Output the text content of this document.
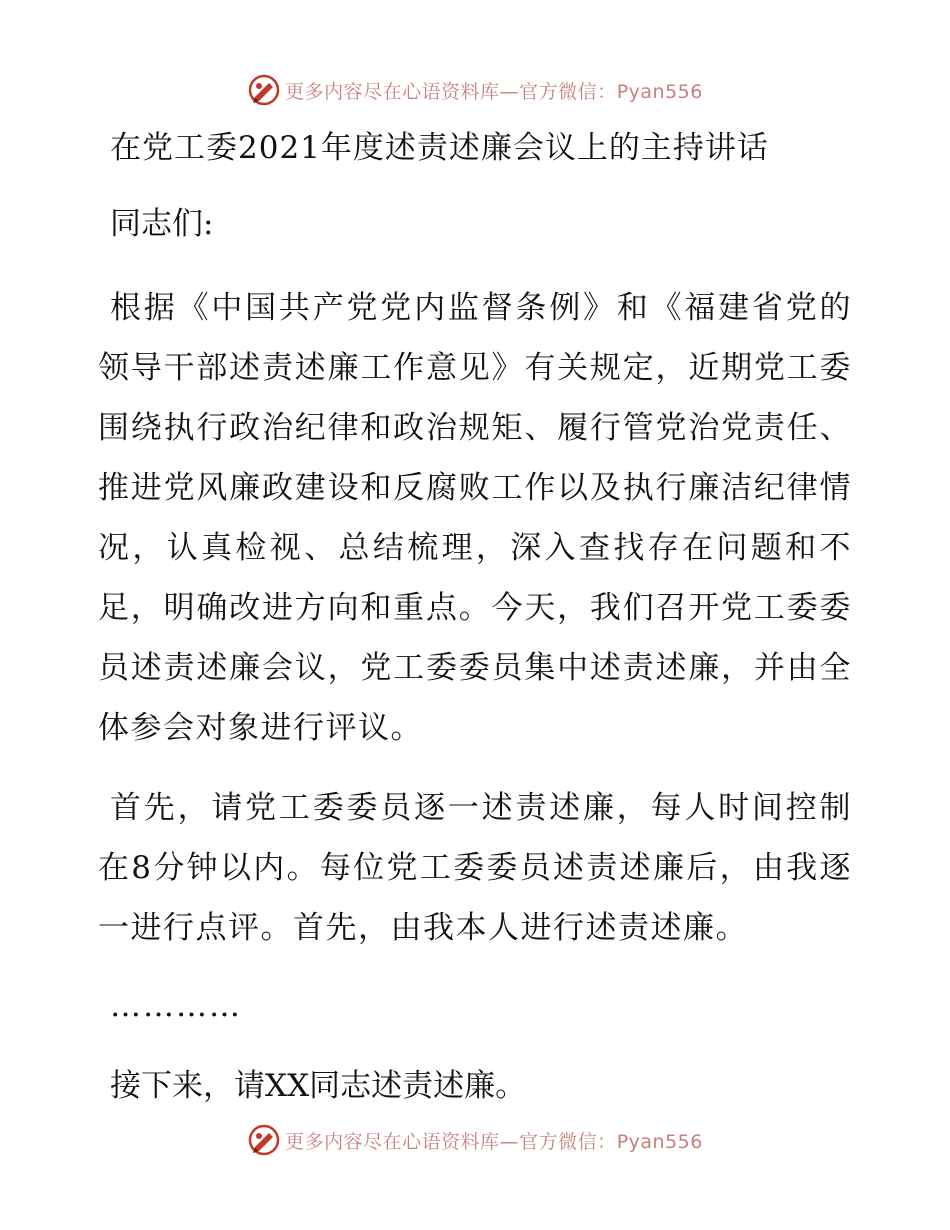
更多内容尽在心语资料库—官方微信：Pyan556
在党工委2021年度述责述廉会议上的主持讲话

同志们:

根据《中国共产党党内监督条例》和《福建省党的领导干部述责述廉工作意见》有关规定，近期党工委围绕执行政治纪律和政治规矩、履行管党治党责任、推进党风廉政建设和反腐败工作以及执行廉洁纪律情况，认真检视、总结梳理，深入查找存在问题和不足，明确改进方向和重点。今天，我们召开党工委委员述责述廉会议，党工委委员集中述责述廉，并由全体参会对象进行评议。

首先，请党工委委员逐一述责述廉，每人时间控制在8分钟以内。每位党工委委员述责述廉后，由我逐一进行点评。首先，由我本人进行述责述廉。

…………

接下来，请XX同志述责述廉。

更多内容尽在心语资料库—官方微信：Pyan556
